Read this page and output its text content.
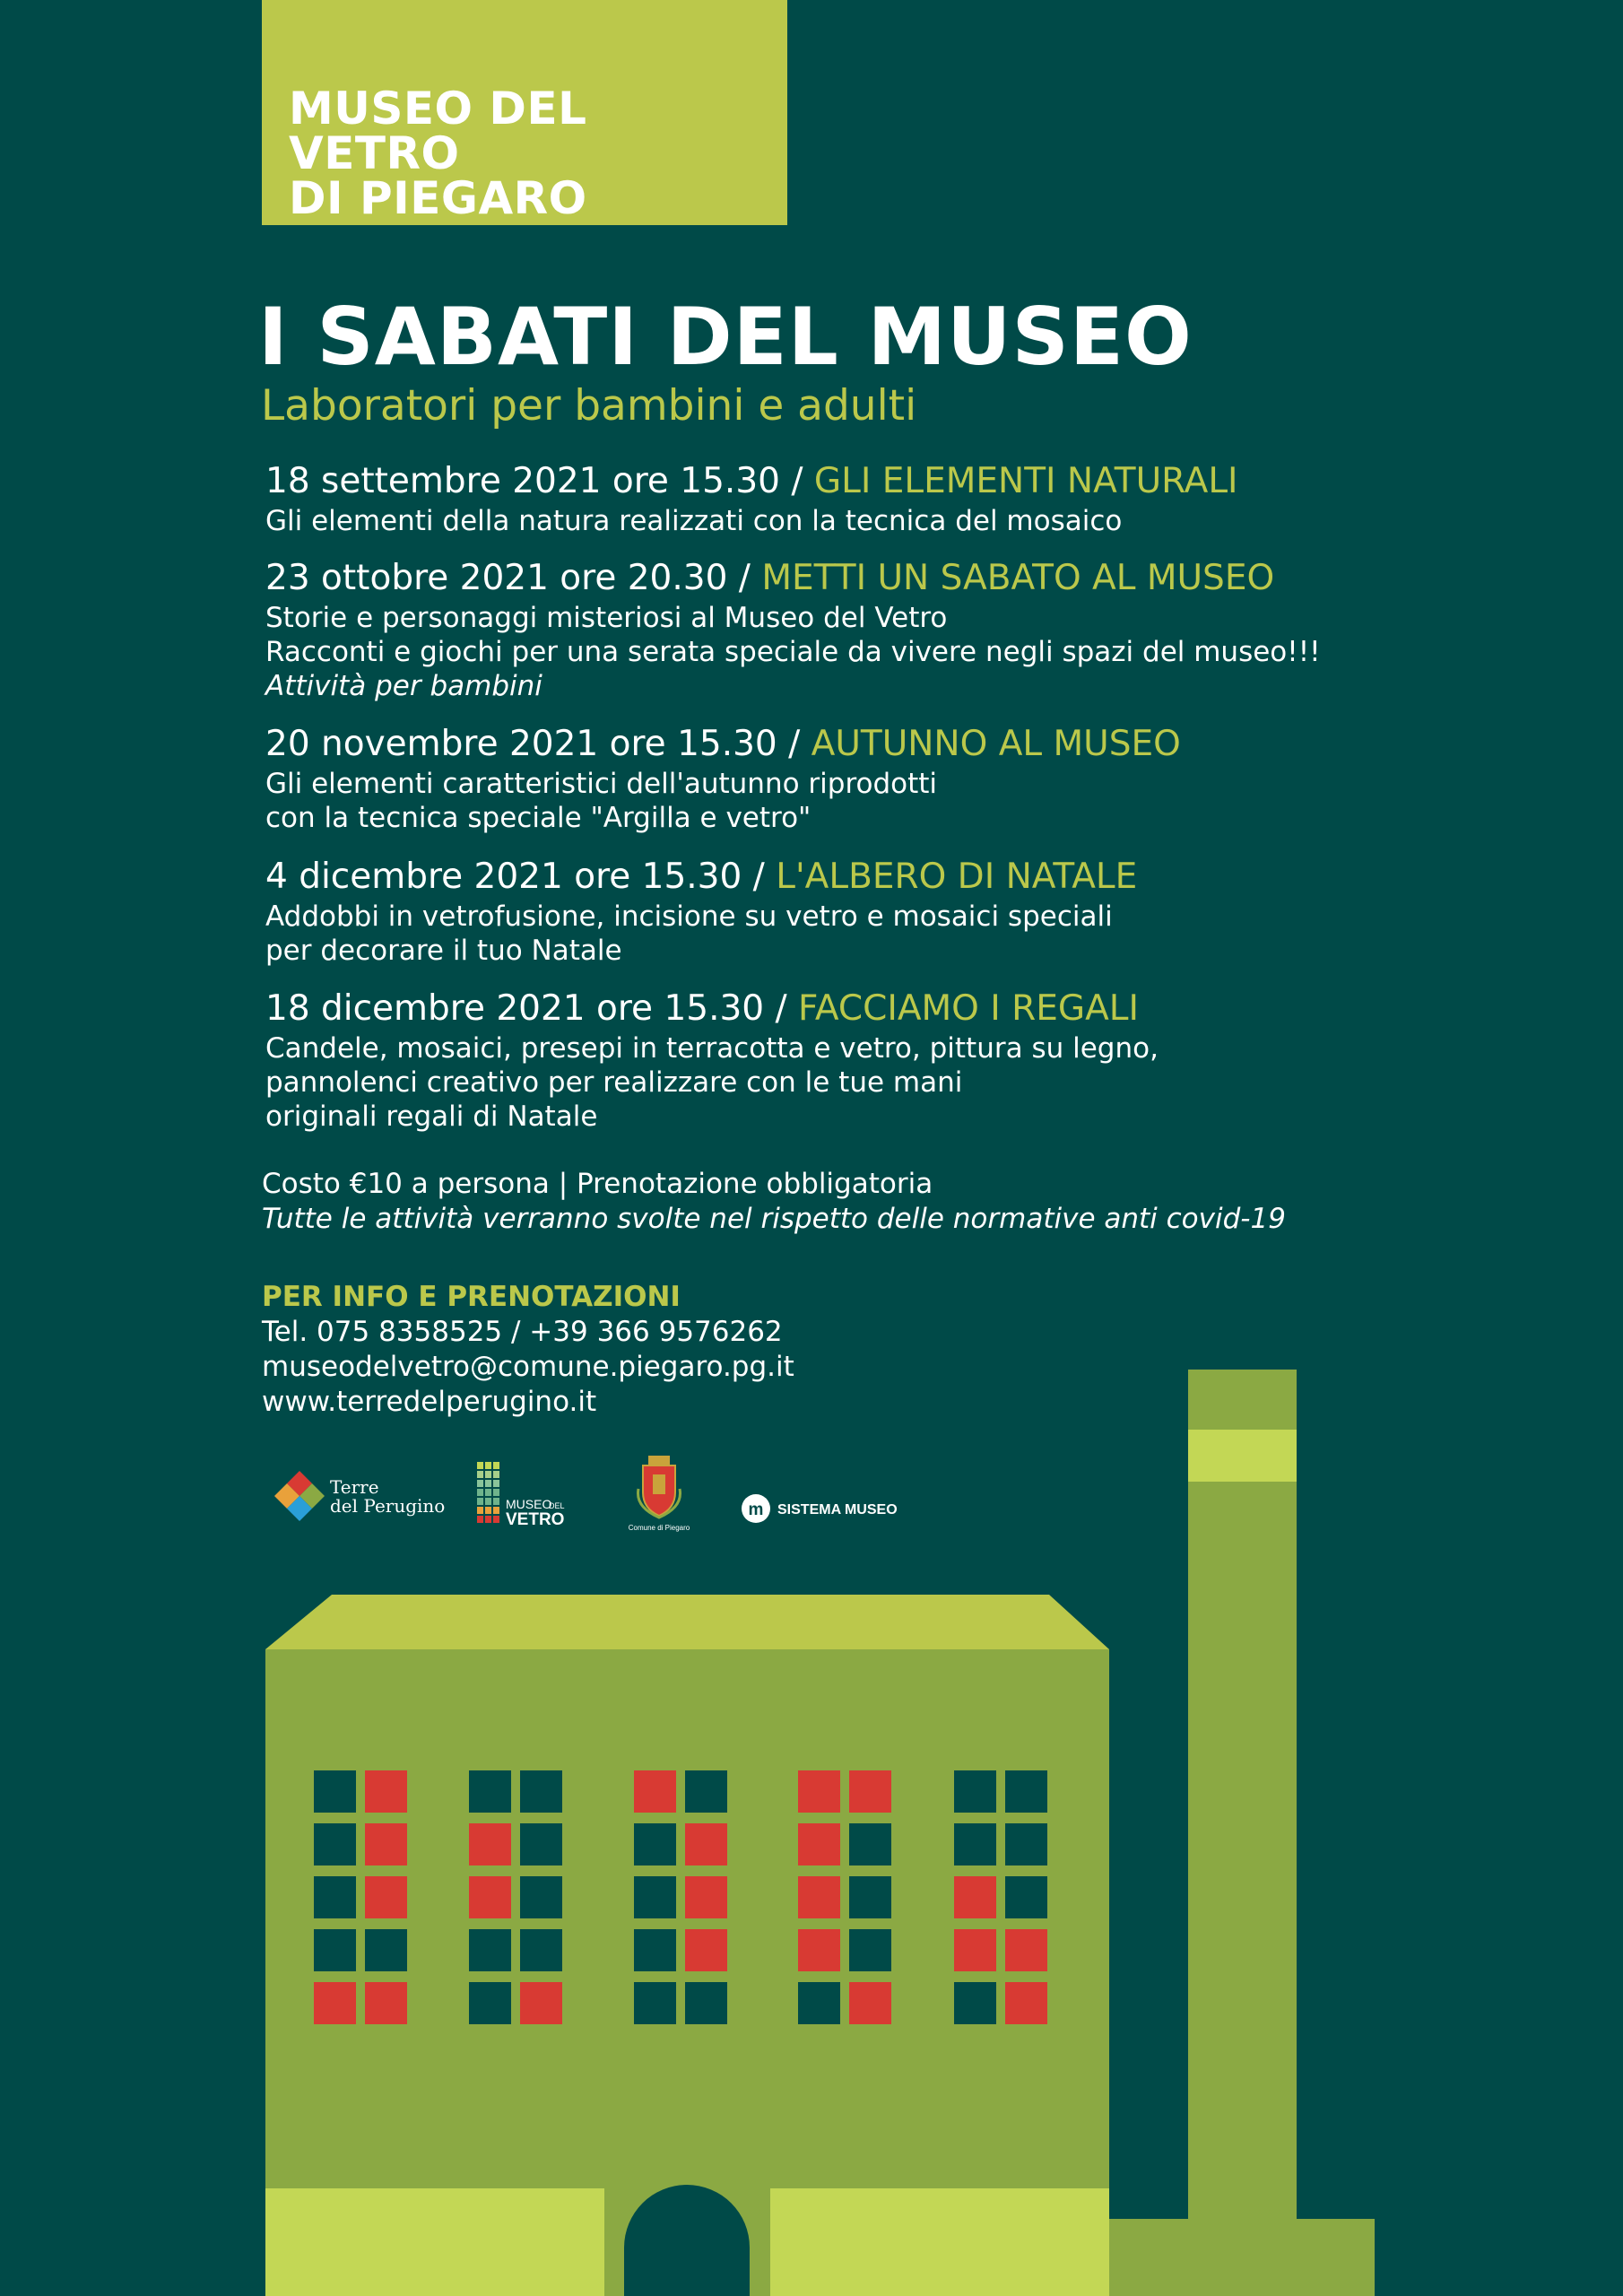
MUSEO DEL VETRO
DI PIEGARO
I SABATI DEL MUSEO
Laboratori per bambini e adulti
18 settembre 2021 ore 15.30 / GLI ELEMENTI NATURALI
Gli elementi della natura realizzati con la tecnica del mosaico
23 ottobre 2021 ore 20.30 / METTI UN SABATO AL MUSEO
Storie e personaggi misteriosi al Museo del Vetro
Racconti e giochi per una serata speciale da vivere negli spazi del museo!!!
Attività per bambini
20 novembre 2021 ore 15.30 / AUTUNNO AL MUSEO
Gli elementi caratteristici dell'autunno riprodotti
con la tecnica speciale "Argilla e vetro"
4 dicembre 2021 ore 15.30 / L'ALBERO DI NATALE
Addobbi in vetrofusione, incisione su vetro e mosaici speciali
per decorare il tuo Natale
18 dicembre 2021 ore 15.30 / FACCIAMO I REGALI
Candele, mosaici, presepi in terracotta e vetro, pittura su legno,
pannolenci creativo per realizzare con le tue mani
originali regali di Natale
Costo €10 a persona | Prenotazione obbligatoria
Tutte le attività verranno svolte nel rispetto delle normative anti covid-19
PER INFO E PRENOTAZIONI
Tel. 075 8358525 / +39 366 9576262
museodelvetro@comune.piegaro.pg.it
www.terredelperugino.it
Terre
del Perugino	MUSEO
DEL
VETRO	Comune di Piegaro
m SISTEMA MUSEO
